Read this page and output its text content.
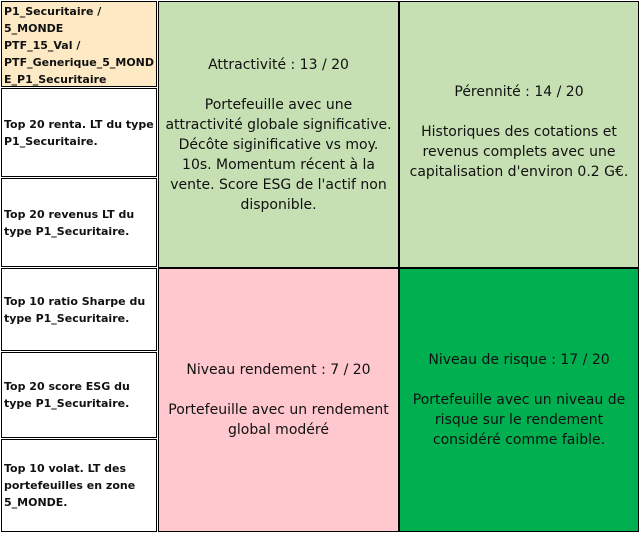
P1_Securitaire /
5_MONDE
PTF_15_Val /
PTF_Generique_5_MOND
E_P1_Securitaire
Top 20 renta. LT du type P1_Securitaire.
Top 20 revenus LT du type P1_Securitaire.
Top 10 ratio Sharpe du type P1_Securitaire.
Top 20 score ESG du type P1_Securitaire.
Top 10 volat. LT des portefeuilles en zone 5_MONDE.
Attractivité : 13 / 20
Portefeuille avec une attractivité globale significative. Décôte siginificative vs moy. 10s. Momentum récent à la vente. Score ESG de l'actif non disponible.
Pérennité : 14 / 20
Historiques des cotations et revenus complets avec une capitalisation d'environ 0.2 G€.
Niveau rendement : 7 / 20
Portefeuille avec un rendement global modéré
Niveau de risque : 17 / 20
Portefeuille avec un niveau de risque sur le rendement considéré comme faible.
